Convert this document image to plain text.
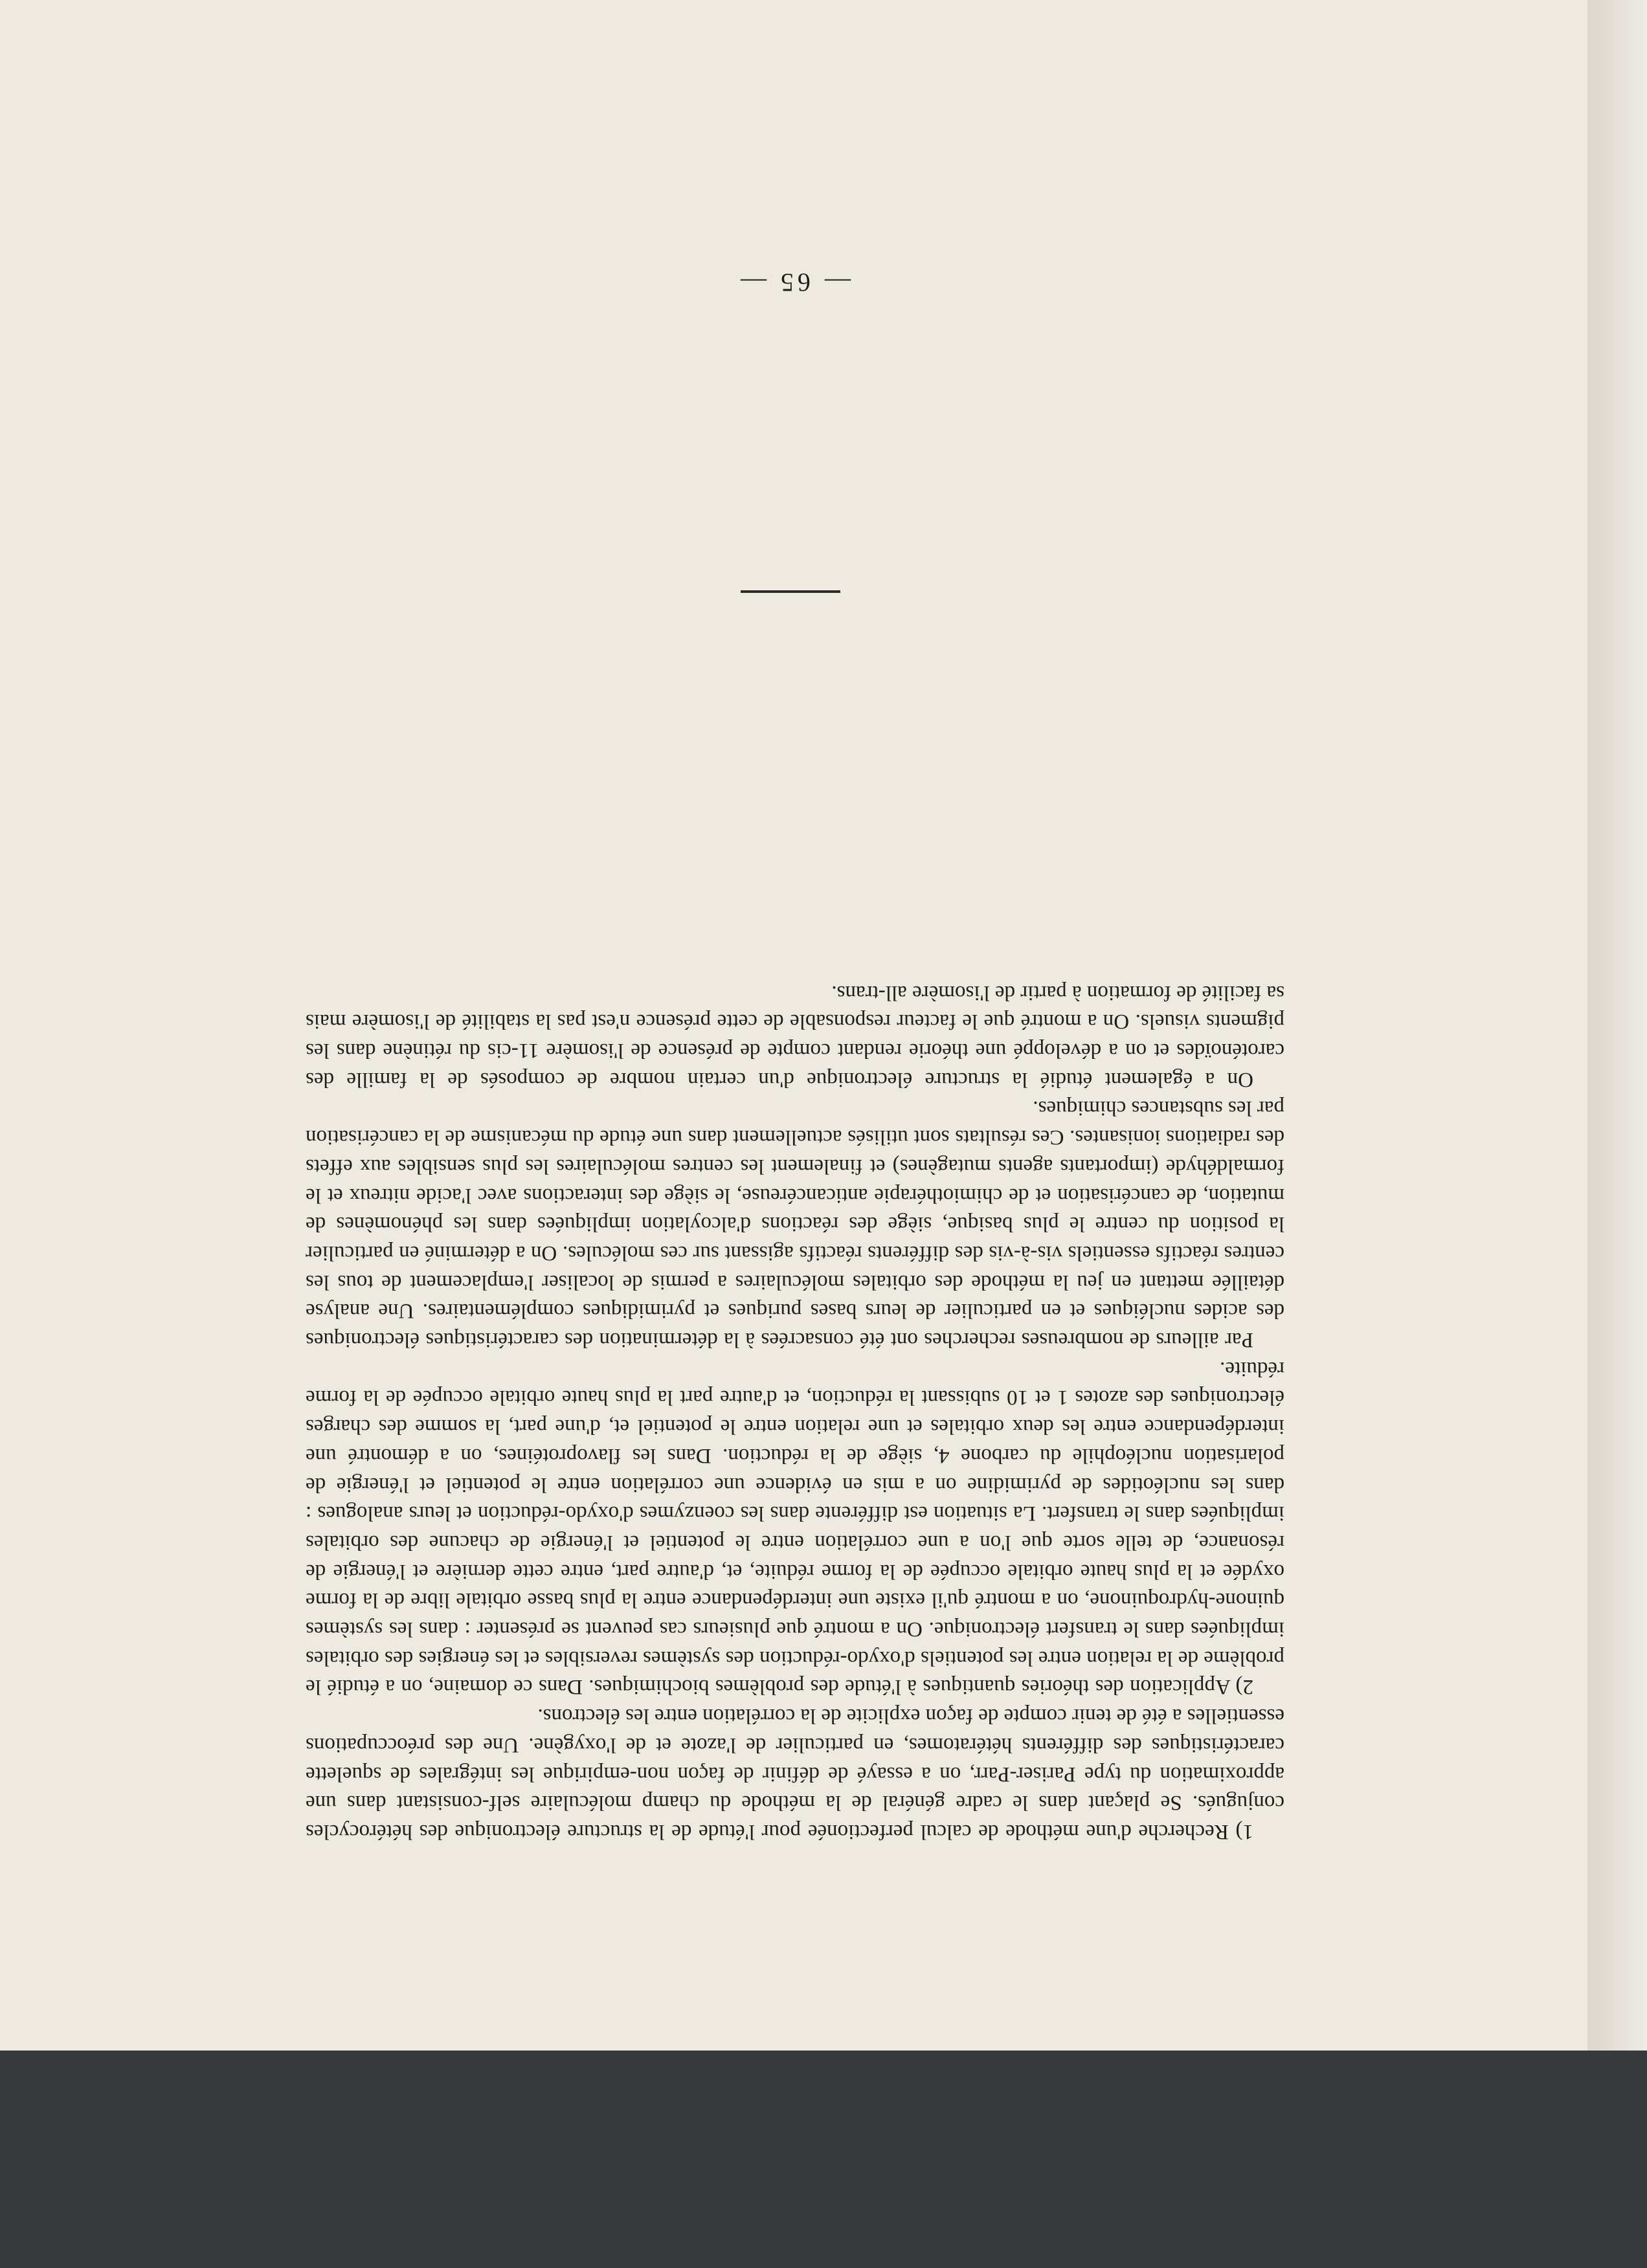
— 65 —

1) Recherche d'une méthode de calcul perfectionée pour l'étude de la structure électronique des hétérocycles conjugués. Se plaçant dans le cadre général de la méthode du champ moléculaire self-consistant dans une approximation du type Pariser-Parr, on a essayé de définir de façon non-empirique les intégrales de squelette caractéristiques des différents hétératomes, en particulier de l'azote et de l'oxygène. Une des préoccupations essentielles a été de tenir compte de façon explicite de la corrélation entre les électrons.

2) Application des théories quantiques à l'étude des problèmes biochimiques. Dans ce domaine, on a étudié le problème de la relation entre les potentiels d'oxydo-réduction des systèmes reversibles et les énergies des orbitales impliquées dans le transfert électronique. On a montré que plusieurs cas peuvent se présenter : dans les systèmes quinone-hydroquinone, on a montré qu'il existe une interdépendance entre la plus basse orbitale libre de la forme oxydée et la plus haute orbitale occupée de la forme réduite, et, d'autre part, entre cette dernière et l'énergie de résonance, de telle sorte que l'on a une corrélation entre le potentiel et l'énergie de chacune des orbitales impliquées dans le transfert. La situation est différente dans les coenzymes d'oxydo-réduction et leurs analogues : dans les nucléotides de pyrimidine on a mis en évidence une corrélation entre le potentiel et l'énergie de polarisation nucléophile du carbone 4, siège de la réduction. Dans les flavoprotéines, on a démontré une interdépendance entre les deux orbitales et une relation entre le potentiel et, d'une part, la somme des charges électroniques des azotes 1 et 10 subissant la réduction, et d'autre part la plus haute orbitale occupée de la forme réduite.

Par ailleurs de nombreuses recherches ont été consacrées à la détermination des caractéristiques électroniques des acides nucléiques et en particulier de leurs bases puriques et pyrimidiques complémentaires. Une analyse détaillée mettant en jeu la méthode des orbitales moléculaires a permis de localiser l'emplacement de tous les centres réactifs essentiels vis-à-vis des différents réactifs agissant sur ces molécules. On a déterminé en particulier la position du centre le plus basique, siège des réactions d'alcoylation impliquées dans les phénomènes de mutation, de cancérisation et de chimiothérapie anticancéreuse, le siège des interactions avec l'acide nitreux et le formaldéhyde (importants agents mutagènes) et finalement les centres moléculaires les plus sensibles aux effets des radiations ionisantes. Ces résultats sont utilisés actuellement dans une étude du mécanisme de la cancérisation par les substances chimiques.

On a également étudié la structure électronique d'un certain nombre de composés de la famille des caroténoïdes et on a développé une théorie rendant compte de présence de l'isomère 11-cis du rétinène dans les pigments visuels. On a montré que le facteur responsable de cette présence n'est pas la stabilité de l'isomère mais sa facilité de formation à partir de l'isomère all-trans.
